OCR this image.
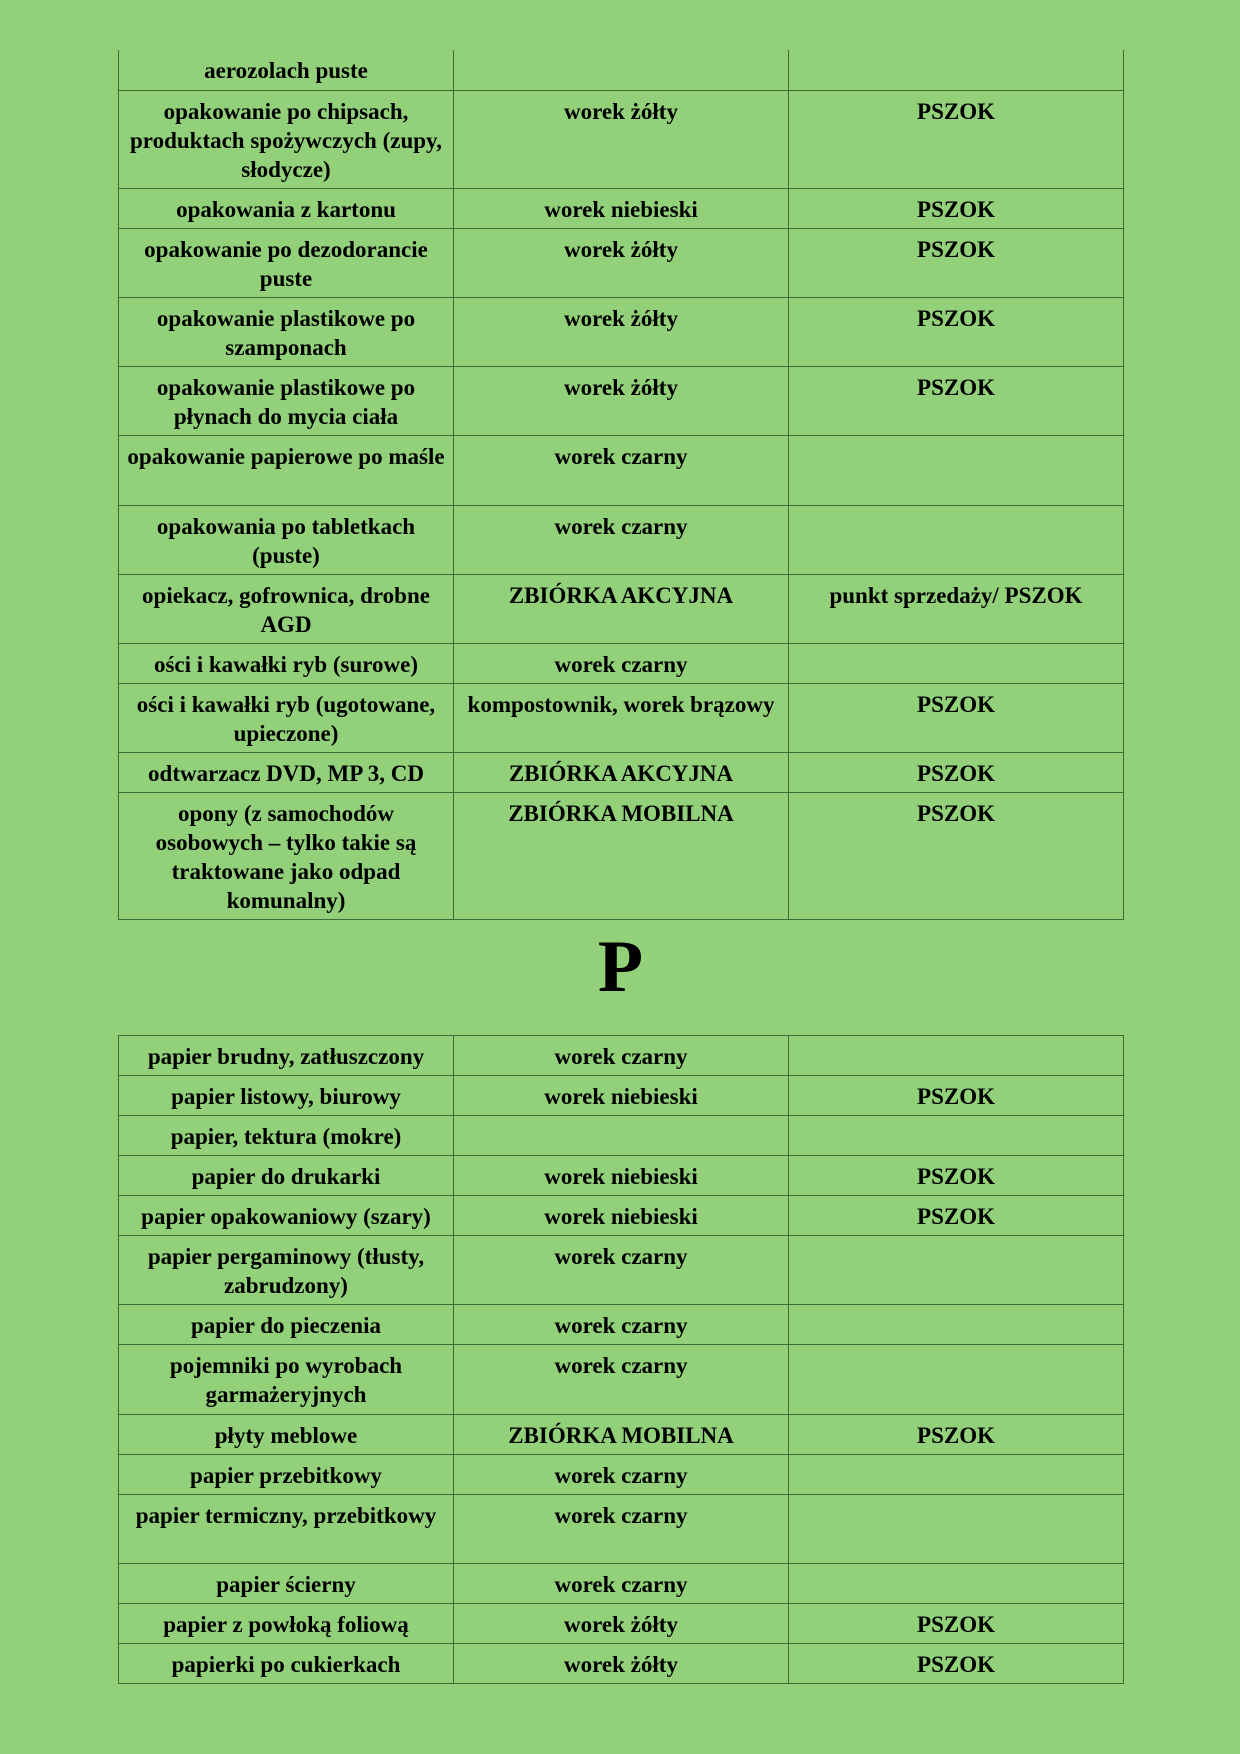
aerozolach puste		
opakowanie po chipsach, produktach spożywczych (zupy, słodycze)	worek żółty	PSZOK
opakowania z kartonu	worek niebieski	PSZOK
opakowanie po dezodorancie puste	worek żółty	PSZOK
opakowanie plastikowe po szamponach	worek żółty	PSZOK
opakowanie plastikowe po płynach do mycia ciała	worek żółty	PSZOK
opakowanie papierowe po maśle	worek czarny	
opakowania po tabletkach (puste)	worek czarny	
opiekacz, gofrownica, drobne AGD	ZBIÓRKA AKCYJNA	punkt sprzedaży/ PSZOK
ości i kawałki ryb (surowe)	worek czarny	
ości i kawałki ryb (ugotowane, upieczone)	kompostownik, worek brązowy	PSZOK
odtwarzacz DVD, MP 3, CD	ZBIÓRKA AKCYJNA	PSZOK
opony (z samochodów osobowych – tylko takie są traktowane jako odpad komunalny)	ZBIÓRKA MOBILNA	PSZOK
P
papier brudny, zatłuszczony	worek czarny	
papier listowy, biurowy	worek niebieski	PSZOK
papier, tektura (mokre)		
papier do drukarki	worek niebieski	PSZOK
papier opakowaniowy (szary)	worek niebieski	PSZOK
papier pergaminowy (tłusty, zabrudzony)	worek czarny	
papier do pieczenia	worek czarny	
pojemniki po wyrobach garmażeryjnych	worek czarny	
płyty meblowe	ZBIÓRKA MOBILNA	PSZOK
papier przebitkowy	worek czarny	
papier termiczny, przebitkowy	worek czarny	
papier ścierny	worek czarny	
papier z powłoką foliową	worek żółty	PSZOK
papierki po cukierkach	worek żółty	PSZOK
